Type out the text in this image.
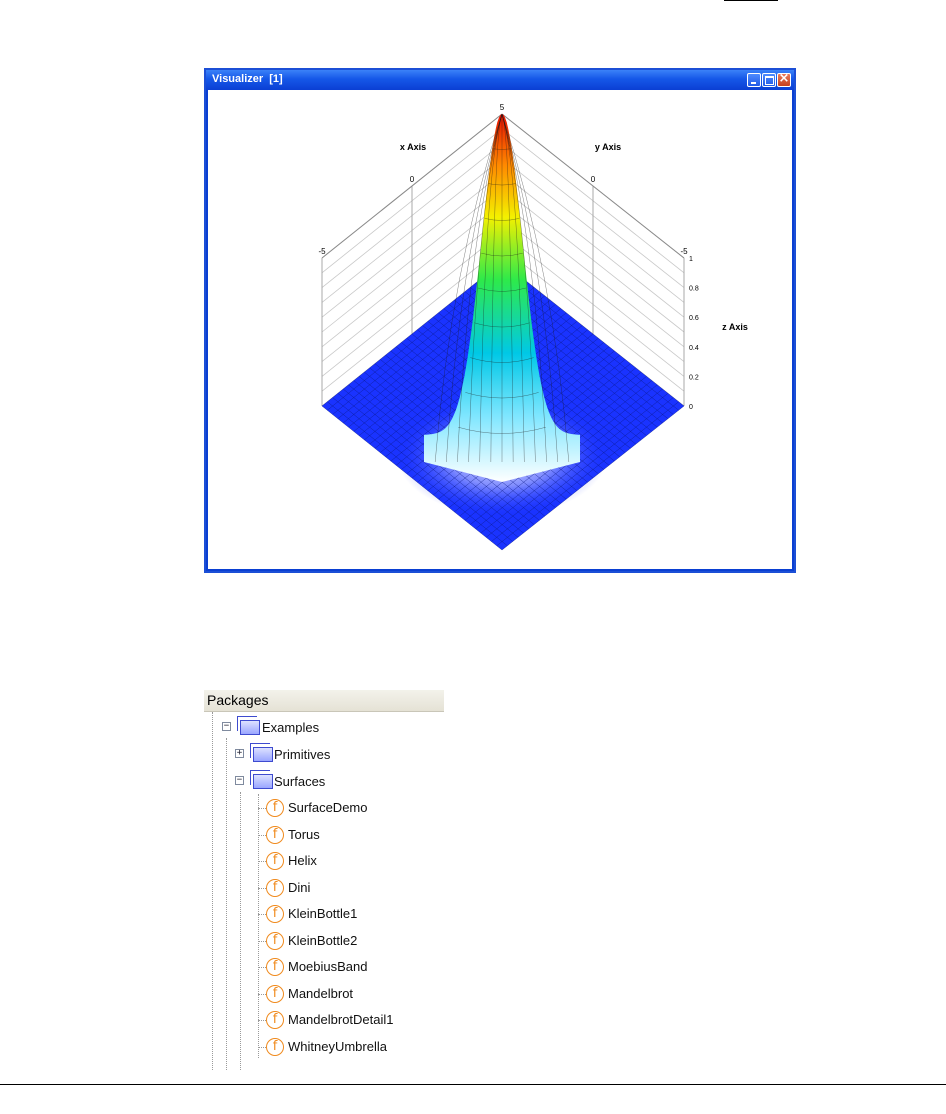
Visualizer  [1]
×
5
0
-5
0
-5
x Axis	y Axis
z Axis
1
0.8
0.6
0.4
0.2
0
Packages
−	Examples
+ Primitives
− Surfaces
f SurfaceDemo
f Torus
f Helix
f Dini
f KleinBottle1
f KleinBottle2
f MoebiusBand
f Mandelbrot
f MandelbrotDetail1
f WhitneyUmbrella
